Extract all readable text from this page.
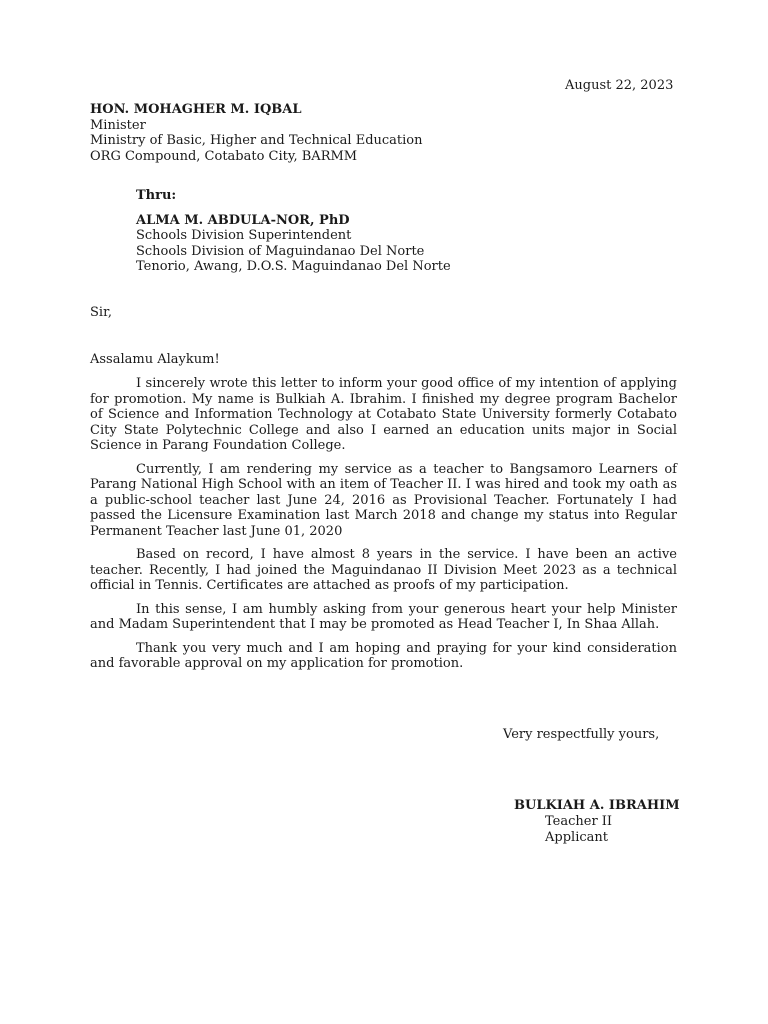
August 22, 2023
HON. MOHAGHER M. IQBAL
Minister
Ministry of Basic, Higher and Technical Education
ORG Compound, Cotabato City, BARMM
Thru:
ALMA M. ABDULA-NOR, PhD
Schools Division Superintendent
Schools Division of Maguindanao Del Norte
Tenorio, Awang, D.O.S. Maguindanao Del Norte
Sir,
Assalamu Alaykum!

I sincerely wrote this letter to inform your good office of my intention of applying for promotion. My name is Bulkiah A. Ibrahim. I finished my degree program Bachelor of Science and Information Technology at Cotabato State University formerly Cotabato City State Polytechnic College and also I earned an education units major in Social Science in Parang Foundation College.

Currently, I am rendering my service as a teacher to Bangsamoro Learners of Parang National High School with an item of Teacher II. I was hired and took my oath as a public-school teacher last June 24, 2016 as Provisional Teacher. Fortunately I had passed the Licensure Examination last March 2018 and change my status into Regular Permanent Teacher last June 01, 2020

Based on record, I have almost 8 years in the service. I have been an active teacher. Recently, I had joined the Maguindanao II Division Meet 2023 as a technical official in Tennis. Certificates are attached as proofs of my participation.

In this sense, I am humbly asking from your generous heart your help Minister and Madam Superintendent that I may be promoted as Head Teacher I, In Shaa Allah.

Thank you very much and I am hoping and praying for your kind consideration and favorable approval on my application for promotion.

Very respectfully yours,
BULKIAH A. IBRAHIM
Teacher II
Applicant
